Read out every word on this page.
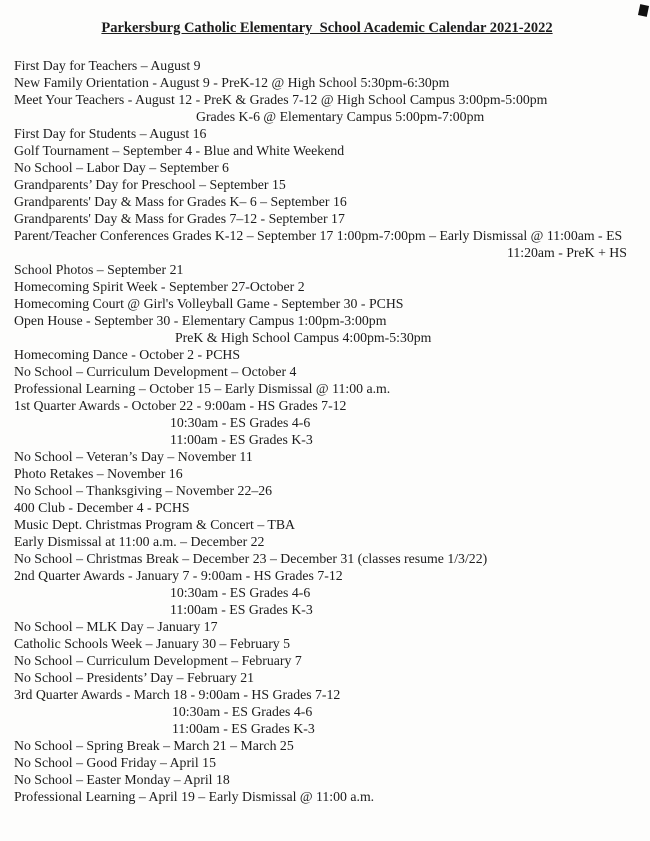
Parkersburg Catholic Elementary  School Academic Calendar 2021-2022
First Day for Teachers – August 9
New Family Orientation - August 9 - PreK-12 @ High School 5:30pm-6:30pm
Meet Your Teachers - August 12 - PreK & Grades 7-12 @ High School Campus 3:00pm-5:00pm
Grades K-6 @ Elementary Campus 5:00pm-7:00pm
First Day for Students – August 16
Golf Tournament – September 4 - Blue and White Weekend
No School – Labor Day – September 6
Grandparents’ Day for Preschool – September 15
Grandparents' Day & Mass for Grades K– 6 – September 16
Grandparents' Day & Mass for Grades 7–12 - September 17
Parent/Teacher Conferences Grades K-12 – September 17 1:00pm-7:00pm – Early Dismissal @ 11:00am - ES
11:20am - PreK + HS
School Photos – September 21
Homecoming Spirit Week - September 27-October 2
Homecoming Court @ Girl's Volleyball Game - September 30 - PCHS
Open House - September 30 - Elementary Campus 1:00pm-3:00pm
PreK & High School Campus 4:00pm-5:30pm
Homecoming Dance - October 2 - PCHS
No School – Curriculum Development – October 4
Professional Learning – October 15 – Early Dismissal @ 11:00 a.m.
1st Quarter Awards - October 22 - 9:00am - HS Grades 7-12
10:30am - ES Grades 4-6
11:00am - ES Grades K-3
No School – Veteran’s Day – November 11
Photo Retakes – November 16
No School – Thanksgiving – November 22–26
400 Club - December 4 - PCHS
Music Dept. Christmas Program & Concert – TBA
Early Dismissal at 11:00 a.m. – December 22
No School – Christmas Break – December 23 – December 31 (classes resume 1/3/22)
2nd Quarter Awards - January 7 - 9:00am - HS Grades 7-12
10:30am - ES Grades 4-6
11:00am - ES Grades K-3
No School – MLK Day – January 17
Catholic Schools Week – January 30 – February 5
No School – Curriculum Development – February 7
No School – Presidents’ Day – February 21
3rd Quarter Awards - March 18 - 9:00am - HS Grades 7-12
10:30am - ES Grades 4-6
11:00am - ES Grades K-3
No School – Spring Break – March 21 – March 25
No School – Good Friday – April 15
No School – Easter Monday – April 18
Professional Learning – April 19 – Early Dismissal @ 11:00 a.m.
